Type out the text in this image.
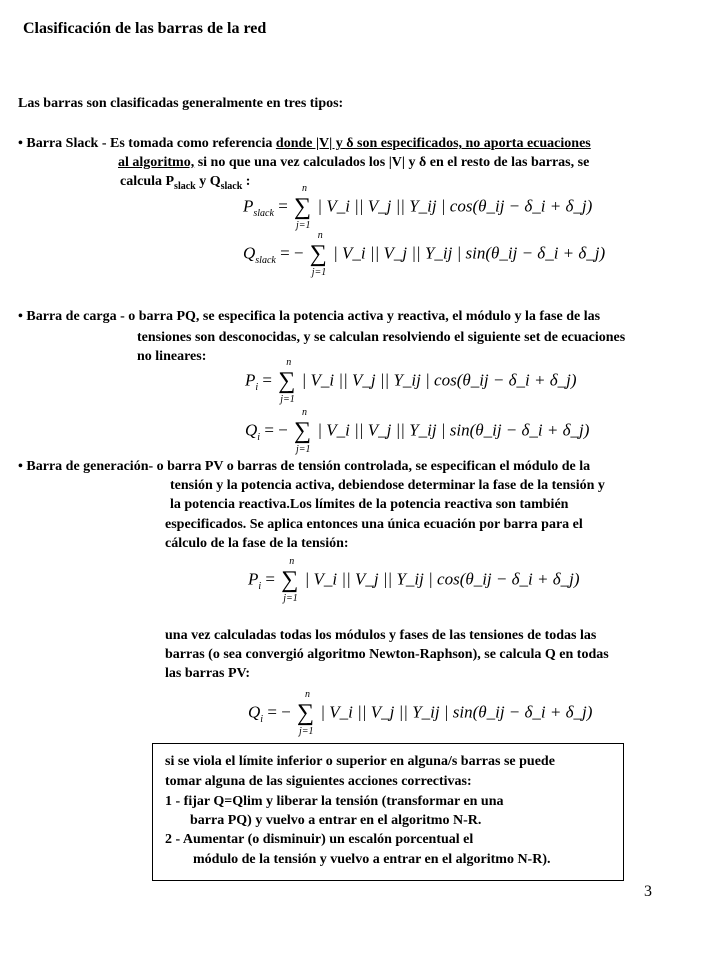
Clasificación de las barras de la red
Las barras son clasificadas generalmente en tres tipos:
• Barra Slack - Es tomada como referencia donde |V| y δ son especificados, no aporta ecuaciones
al algoritmo, si no que una vez calculados los |V| y δ en el resto de las barras, se
calcula $P_{slack}$ y $Q_{slack}$ :
$P_{slack}$ = ∑
n
j=1
| V_i || V_j || Y_ij | cos(θ_ij − δ_i + δ_j)
$Q_{slack}$ = − ∑
n
j=1
| V_i || V_j || Y_ij | sin(θ_ij − δ_i + δ_j)
• Barra de carga - o barra PQ, se especifica la potencia activa y reactiva, el módulo y la fase de las
tensiones son desconocidas, y se calculan resolviendo el siguiente set de ecuaciones
no lineares:
$P_i$ = ∑
n
j=1
| V_i || V_j || Y_ij | cos(θ_ij − δ_i + δ_j)
$Q_i$ = − ∑
n
j=1
| V_i || V_j || Y_ij | sin(θ_ij − δ_i + δ_j)
• Barra de generación- o barra PV o barras de tensión controlada, se especifican el módulo de la
tensión y la potencia activa, debiendose determinar la fase de la tensión y
la potencia reactiva.Los límites de la potencia reactiva son también
especificados. Se aplica entonces una única ecuación por barra para el
cálculo de la fase de la tensión:
$P_i$ = ∑
n
j=1
| V_i || V_j || Y_ij | cos(θ_ij − δ_i + δ_j)
una vez calculadas todas los módulos y fases de las tensiones de todas las
barras (o sea convergió algoritmo Newton-Raphson), se calcula Q en todas
las barras PV:
$Q_i$ = − ∑
n
j=1
| V_i || V_j || Y_ij | sin(θ_ij − δ_i + δ_j)
si se viola el límite inferior o superior en alguna/s barras se puede
tomar alguna de las siguientes acciones correctivas:
1 - fijar Q=Qlim y liberar la tensión (transformar en una
barra PQ) y vuelvo a entrar en el algoritmo N-R.
2 - Aumentar (o disminuir) un escalón porcentual el
módulo de la tensión y vuelvo a entrar en el algoritmo N-R).
3
